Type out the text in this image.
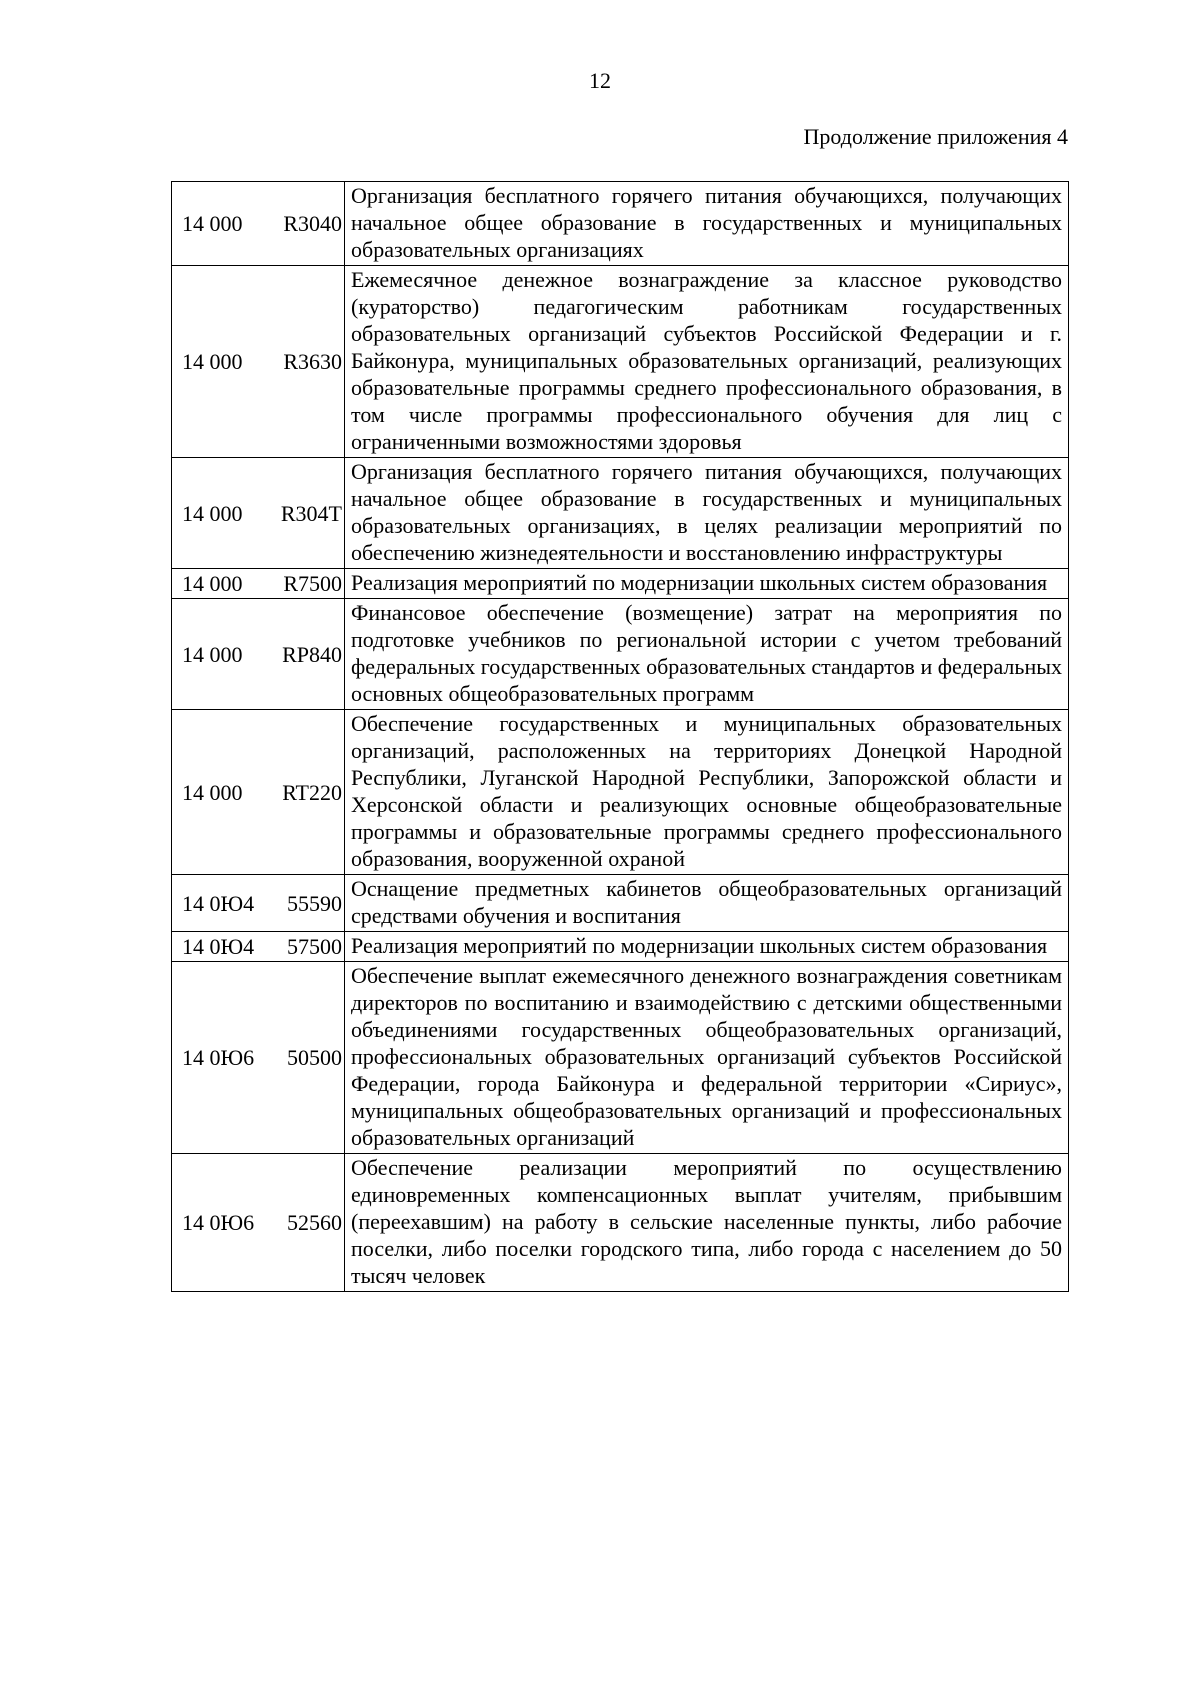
12
Продолжение приложения 4
14 000 R3040	Организация бесплатного горячего питания обучающихся, получающих начальное общее образование в государственных и муниципальных образовательных организациях

14 000 R3630	Ежемесячное денежное вознаграждение за классное руководство (кураторство) педагогическим работникам государственных образовательных организаций субъектов Российской Федерации и г. Байконура, муниципальных образовательных организаций, реализующих образовательные программы среднего профессионального образования, в том числе программы профессионального обучения для лиц с ограниченными возможностями здоровья

14 000 R304T	Организация бесплатного горячего питания обучающихся, получающих начальное общее образование в государственных и муниципальных образовательных организациях, в целях реализации мероприятий по обеспечению жизнедеятельности и восстановлению инфраструктуры

14 000 R7500	Реализация мероприятий по модернизации школьных систем образования

14 000 RP840	Финансовое обеспечение (возмещение) затрат на мероприятия по подготовке учебников по региональной истории с учетом требований федеральных государственных образовательных стандартов и федеральных основных общеобразовательных программ

14 000 RT220	Обеспечение государственных и муниципальных образовательных организаций, расположенных на территориях Донецкой Народной Республики, Луганской Народной Республики, Запорожской области и Херсонской области и реализующих основные общеобразовательные программы и образовательные программы среднего профессионального образования, вооруженной охраной

14 0Ю4 55590	Оснащение предметных кабинетов общеобразовательных организаций средствами обучения и воспитания

14 0Ю4 57500	Реализация мероприятий по модернизации школьных систем образования

14 0Ю6 50500	Обеспечение выплат ежемесячного денежного вознаграждения советникам директоров по воспитанию и взаимодействию с детскими общественными объединениями государственных общеобразовательных организаций, профессиональных образовательных организаций субъектов Российской Федерации, города Байконура и федеральной территории «Сириус», муниципальных общеобразовательных организаций и профессиональных образовательных организаций

14 0Ю6 52560	Обеспечение реализации мероприятий по осуществлению единовременных компенсационных выплат учителям, прибывшим (переехавшим) на работу в сельские населенные пункты, либо рабочие поселки, либо поселки городского типа, либо города с населением до 50 тысяч человек
